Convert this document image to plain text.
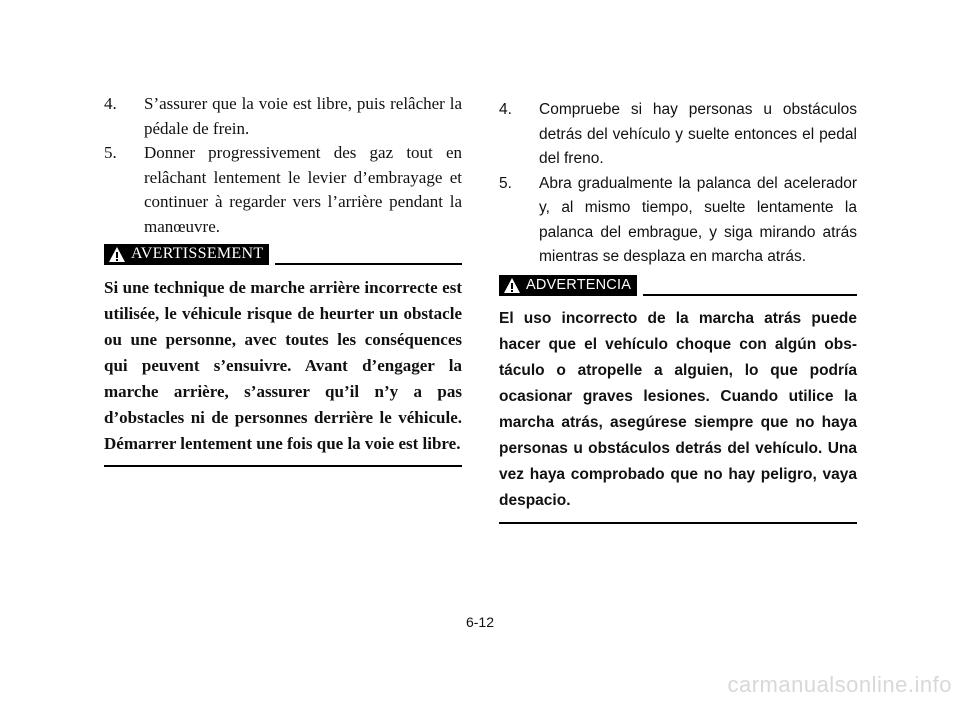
4.	S’assurer que la voie est libre, puis relâcher la pédale de frein.
5.	Donner progressivement des gaz tout en relâchant lentement le levier d’embrayage et continuer à regarder vers l’arrière pendant la manœuvre.
AVERTISSEMENT

Si une technique de marche arrière incorrecte est utilisée, le véhicule risque de heurter un obstacle ou une personne, avec toutes les conséquences qui peuvent s’ensuivre. Avant d’engager la marche arrière, s’assurer qu’il n’y a pas d’obstacles ni de personnes derrière le véhicule. Démarrer lentement une fois que la voie est libre.

4.	Compruebe si hay personas u obstáculos detrás del vehículo y suelte entonces el pedal del freno.
5.	Abra gradualmente la palanca del acelerador y, al mismo tiempo, suelte lentamente la palanca del embrague, y siga mirando atrás mientras se desplaza en marcha atrás.
ADVERTENCIA

El uso incorrecto de la marcha atrás puede hacer que el vehículo choque con algún obstáculo o atropelle a alguien, lo que podría ocasionar graves lesiones. Cuando utilice la marcha atrás, asegúrese siempre que no haya personas u obstáculos detrás del vehículo. Una vez haya comprobado que no hay peligro, vaya despacio.

6-12
carmanualsonline.info
